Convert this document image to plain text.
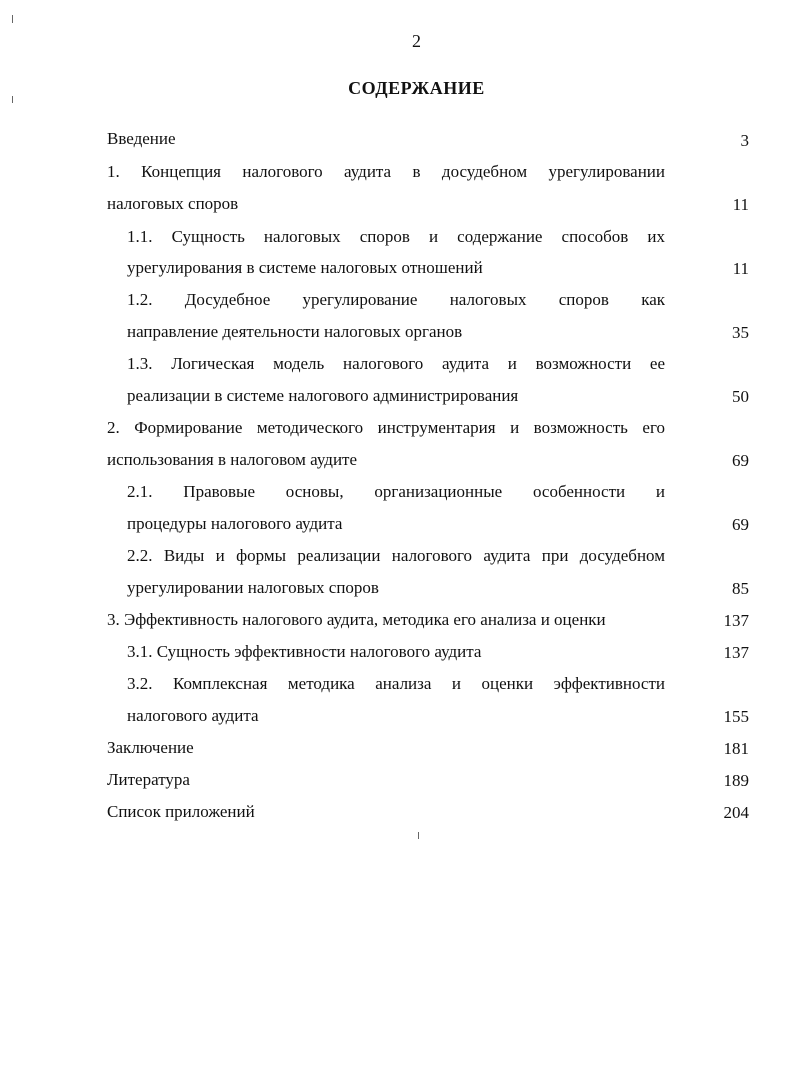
2
СОДЕРЖАНИЕ
Введение	3
1. Концепция налогового аудита в досудебном урегулировании
налоговых споров	11
1.1. Сущность налоговых споров и содержание способов их
урегулирования в системе налоговых отношений	11
1.2. Досудебное урегулирование налоговых споров как
направление деятельности налоговых органов	35
1.3. Логическая модель налогового аудита и возможности ее
реализации в системе налогового администрирования	50
2. Формирование методического инструментария и возможность его
использования в налоговом аудите	69
2.1. Правовые основы, организационные особенности и
процедуры налогового аудита	69
2.2. Виды и формы реализации налогового аудита при досудебном
урегулировании налоговых споров	85
3. Эффективность налогового аудита, методика его анализа и оценки	137
3.1. Сущность эффективности налогового аудита	137
3.2. Комплексная методика анализа и оценки эффективности
налогового аудита	155
Заключение	181
Литература	189
Список приложений	204
